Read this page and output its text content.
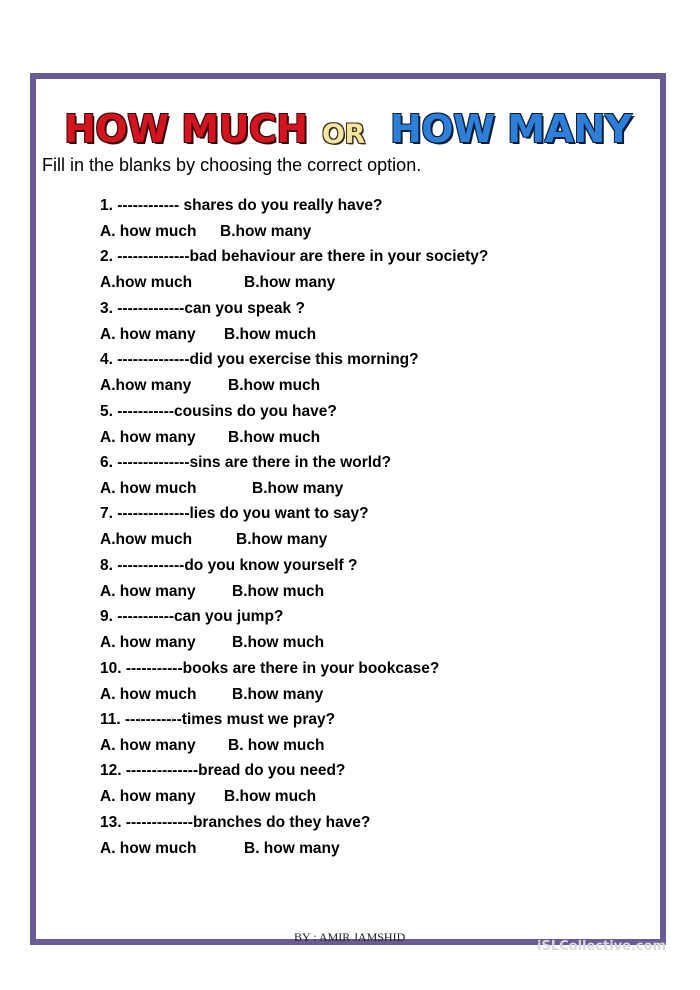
HOW MUCH OR HOW MANY
Fill in the blanks by choosing the correct option.
1. ------------ shares do you really have?
A. how much B.how many
2. --------------bad behaviour are there in your society?
A.how much	B.how many
3. -------------can you speak ?
A. how many B.how much
4. --------------did you exercise this morning?
A.how many B.how much
5. -----------cousins do you have?
A. how many B.how much
6. --------------sins are there in the world?
A. how much	B.how many
7. --------------lies do you want to say?
A.how much	B.how many
8. -------------do you know yourself ?
A. how many B.how much
9. -----------can you jump?
A. how many B.how much
10. -----------books are there in your bookcase?
A. how much B.how many
11. -----------times must we pray?
A. how many B. how much
12. --------------bread do you need?
A. how many B.how much
13. -------------branches do they have?
A. how much	B. how many
BY : AMIR JAMSHID
iSLCollective.com
